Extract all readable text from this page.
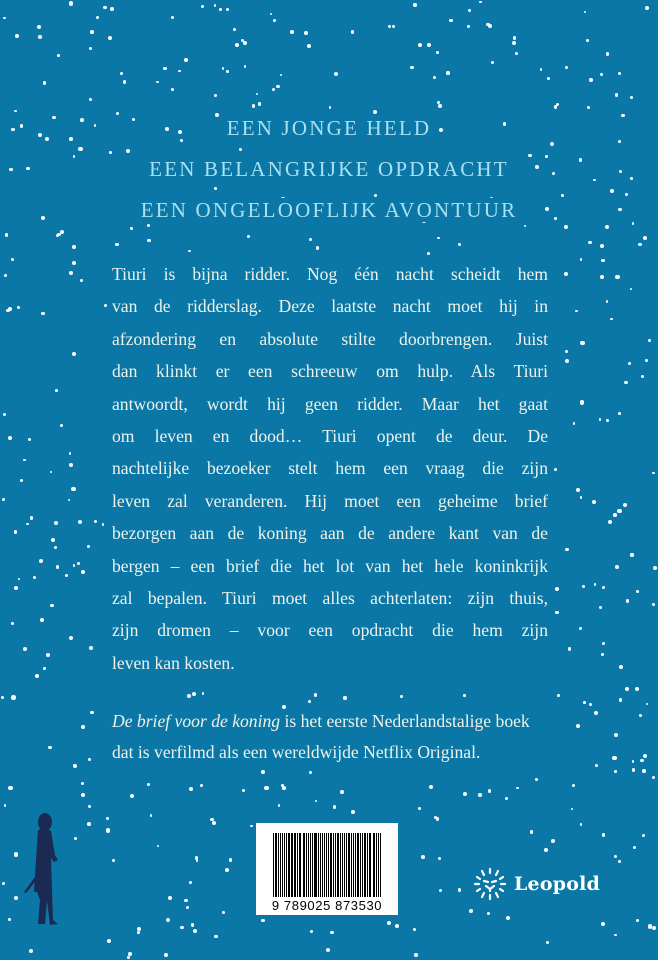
EEN JONGE HELD
EEN BELANGRIJKE OPDRACHT
EEN ONGELOOFLIJK AVONTUUR
Tiuri is bijna ridder. Nog één nacht scheidt hem
van de ridderslag. Deze laatste nacht moet hij in
afzondering en absolute stilte doorbrengen. Juist
dan klinkt er een schreeuw om hulp. Als Tiuri
antwoordt, wordt hij geen ridder. Maar het gaat
om leven en dood… Tiuri opent de deur. De
nachtelijke bezoeker stelt hem een vraag die zijn
leven zal veranderen. Hij moet een geheime brief
bezorgen aan de koning aan de andere kant van de
bergen – een brief die het lot van het hele koninkrijk
zal bepalen. Tiuri moet alles achterlaten: zijn thuis,
zijn dromen – voor een opdracht die hem zijn
leven kan kosten.
De brief voor de koning is het eerste Nederlandstalige boek
dat is verfilmd als een wereldwijde Netflix Original.
9 789025 873530
Leopold
